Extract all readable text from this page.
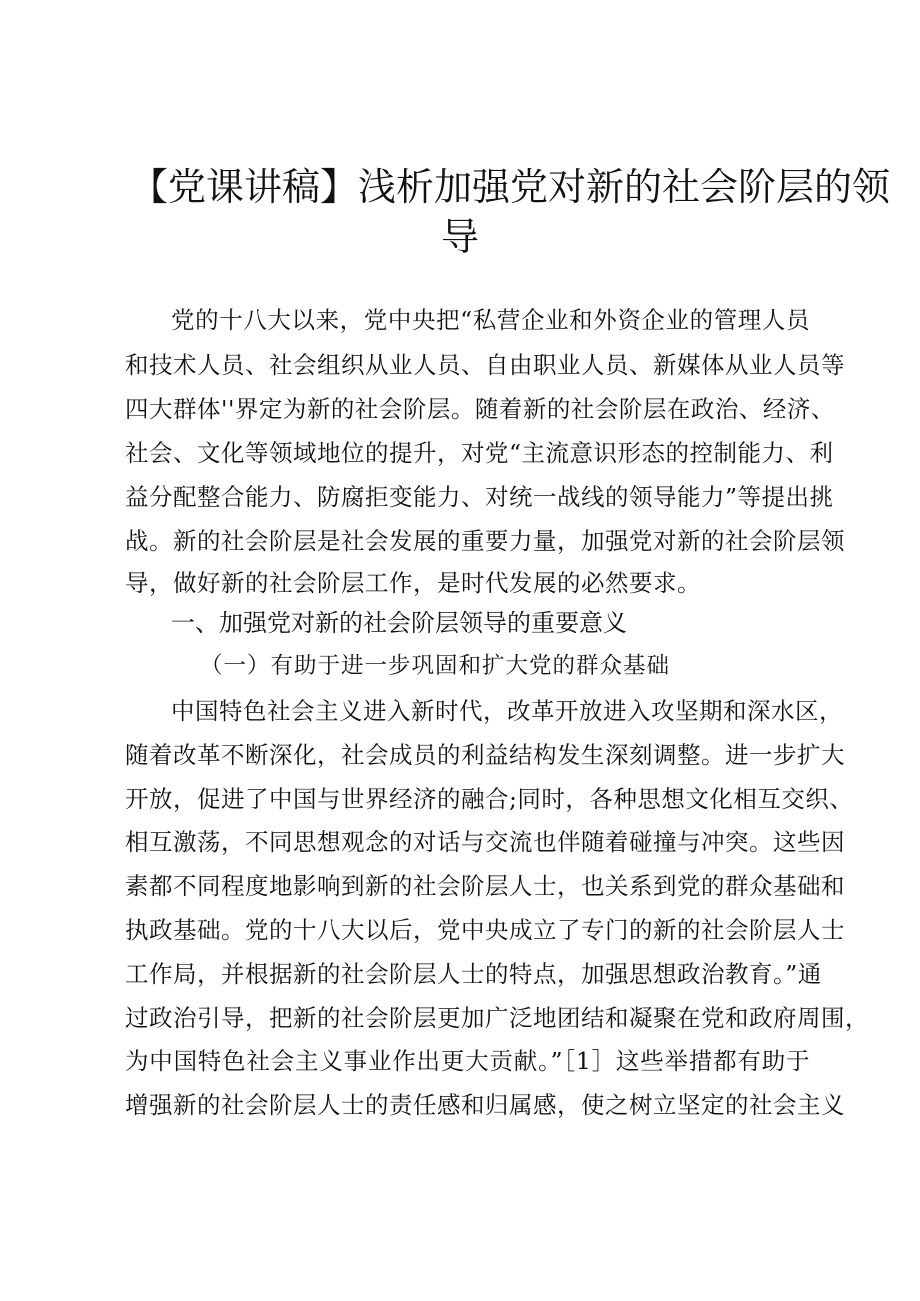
【党课讲稿】浅析加强党对新的社会阶层的领
导
党的十八大以来，党中央把“私营企业和外资企业的管理人员
和技术人员、社会组织从业人员、自由职业人员、新媒体从业人员等
四大群体''界定为新的社会阶层。随着新的社会阶层在政治、经济、
社会、文化等领域地位的提升，对党“主流意识形态的控制能力、利
益分配整合能力、防腐拒变能力、对统一战线的领导能力”等提出挑
战。新的社会阶层是社会发展的重要力量，加强党对新的社会阶层领
导，做好新的社会阶层工作，是时代发展的必然要求。
一、加强党对新的社会阶层领导的重要意义
（一）有助于进一步巩固和扩大党的群众基础
中国特色社会主义进入新时代，改革开放进入攻坚期和深水区，
随着改革不断深化，社会成员的利益结构发生深刻调整。进一步扩大
开放，促进了中国与世界经济的融合;同时，各种思想文化相互交织、
相互激荡，不同思想观念的对话与交流也伴随着碰撞与冲突。这些因
素都不同程度地影响到新的社会阶层人士，也关系到党的群众基础和
执政基础。党的十八大以后，党中央成立了专门的新的社会阶层人士
工作局，并根据新的社会阶层人士的特点，加强思想政治教育。”通
过政治引导，把新的社会阶层更加广泛地团结和凝聚在党和政府周围，
为中国特色社会主义事业作出更大贡献。”［1］这些举措都有助于
增强新的社会阶层人士的责任感和归属感，使之树立坚定的社会主义
